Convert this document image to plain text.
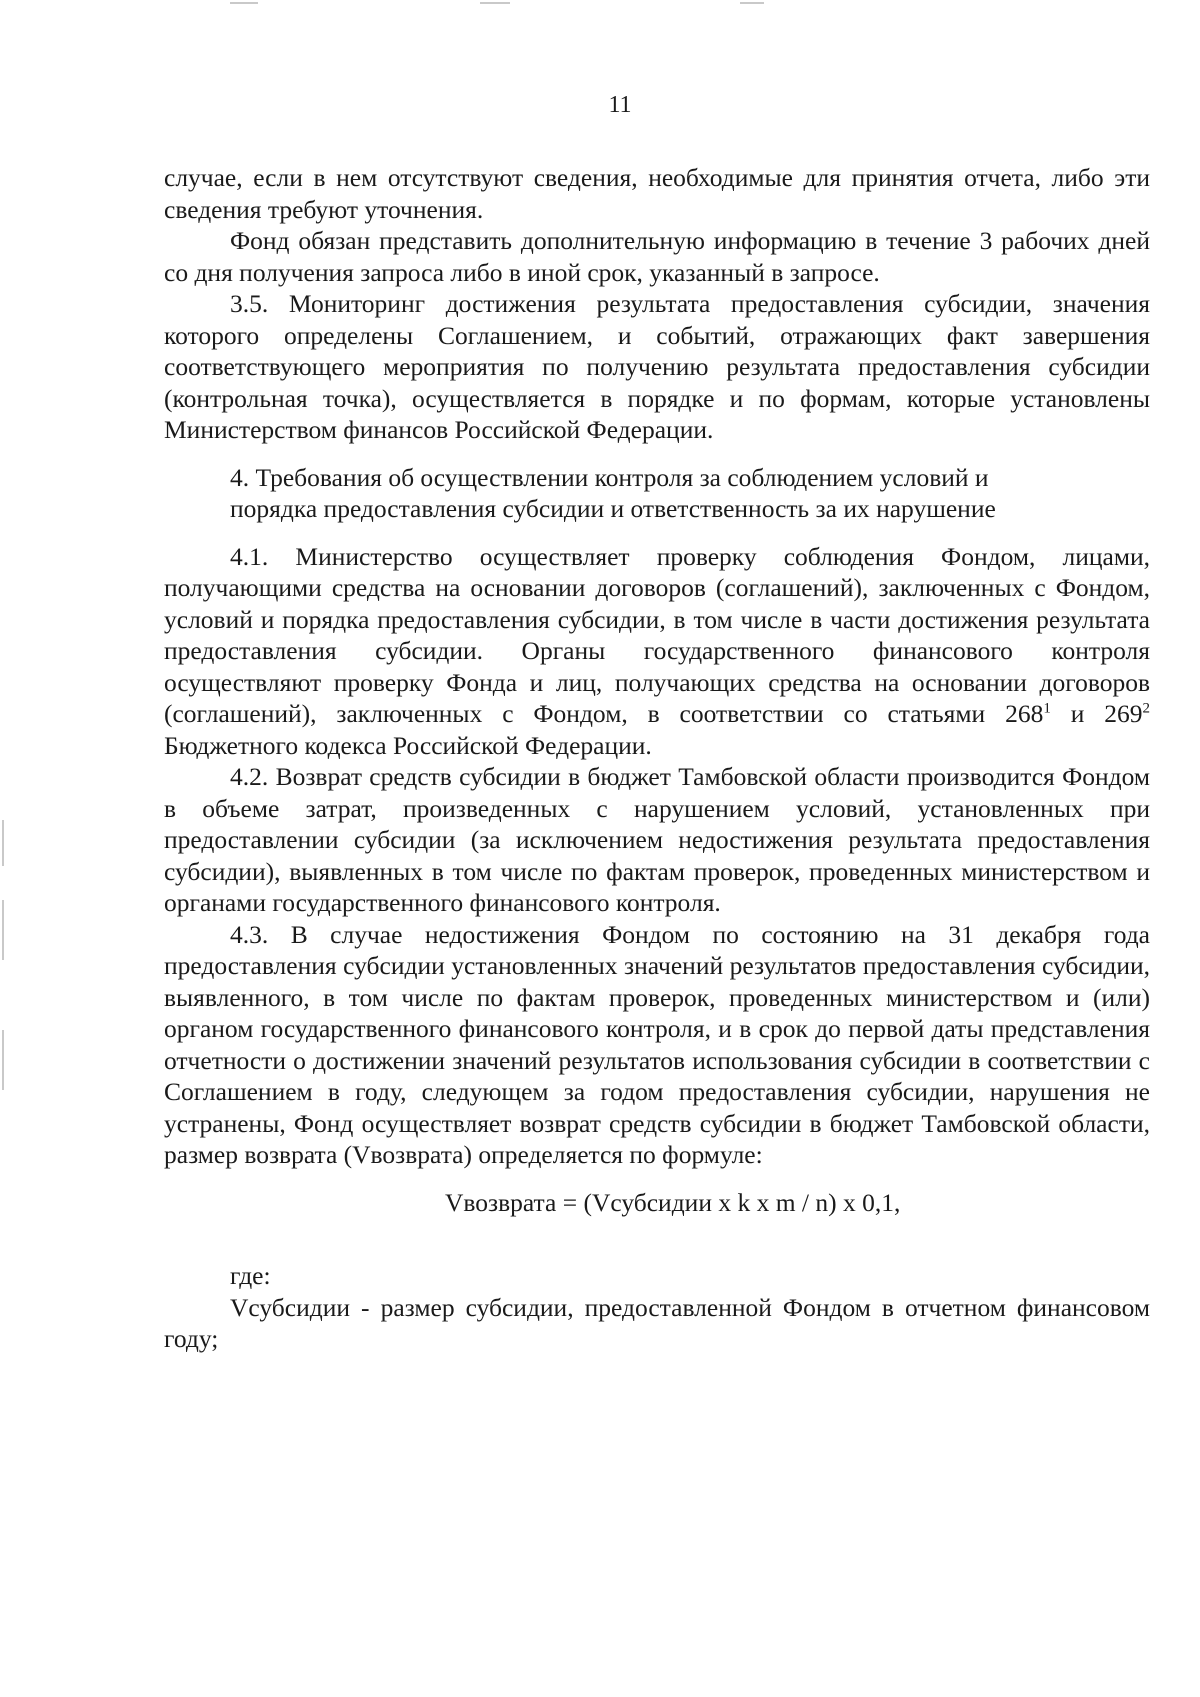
11

случае, если в нем отсутствуют сведения, необходимые для принятия отчета, либо эти сведения требуют уточнения.

Фонд обязан представить дополнительную информацию в течение 3 рабочих дней со дня получения запроса либо в иной срок, указанный в запросе.

3.5. Мониторинг достижения результата предоставления субсидии, значения которого определены Соглашением, и событий, отражающих факт завершения соответствующего мероприятия по получению результата предоставления субсидии (контрольная точка), осуществляется в порядке и по формам, которые установлены Министерством финансов Российской Федерации.

4. Требования об осуществлении контроля за соблюдением условий и
порядка предоставления субсидии и ответственность за их нарушение

4.1. Министерство осуществляет проверку соблюдения Фондом, лицами, получающими средства на основании договоров (соглашений), заключенных с Фондом, условий и порядка предоставления субсидии, в том числе в части достижения результата предоставления субсидии. Органы государственного финансового контроля осуществляют проверку Фонда и лиц, получающих средства на основании договоров (соглашений), заключенных с Фондом, в соответствии со статьями $268^1$ и $269^2$ Бюджетного кодекса Российской Федерации.

4.2. Возврат средств субсидии в бюджет Тамбовской области производится Фондом в объеме затрат, произведенных с нарушением условий, установленных при предоставлении субсидии (за исключением недостижения результата предоставления субсидии), выявленных в том числе по фактам проверок, проведенных министерством и органами государственного финансового контроля.

4.3. В случае недостижения Фондом по состоянию на 31 декабря года предоставления субсидии установленных значений результатов предоставления субсидии, выявленного, в том числе по фактам проверок, проведенных министерством и (или) органом государственного финансового контроля, и в срок до первой даты представления отчетности о достижении значений результатов использования субсидии в соответствии с Соглашением в году, следующем за годом предоставления субсидии, нарушения не устранены, Фонд осуществляет возврат средств субсидии в бюджет Тамбовской области, размер возврата (Vвозврата) определяется по формуле:

Vвозврата = (Vсубсидии x k x m / n) x 0,1,

где:

Vсубсидии - размер субсидии, предоставленной Фондом в отчетном финансовом году;
